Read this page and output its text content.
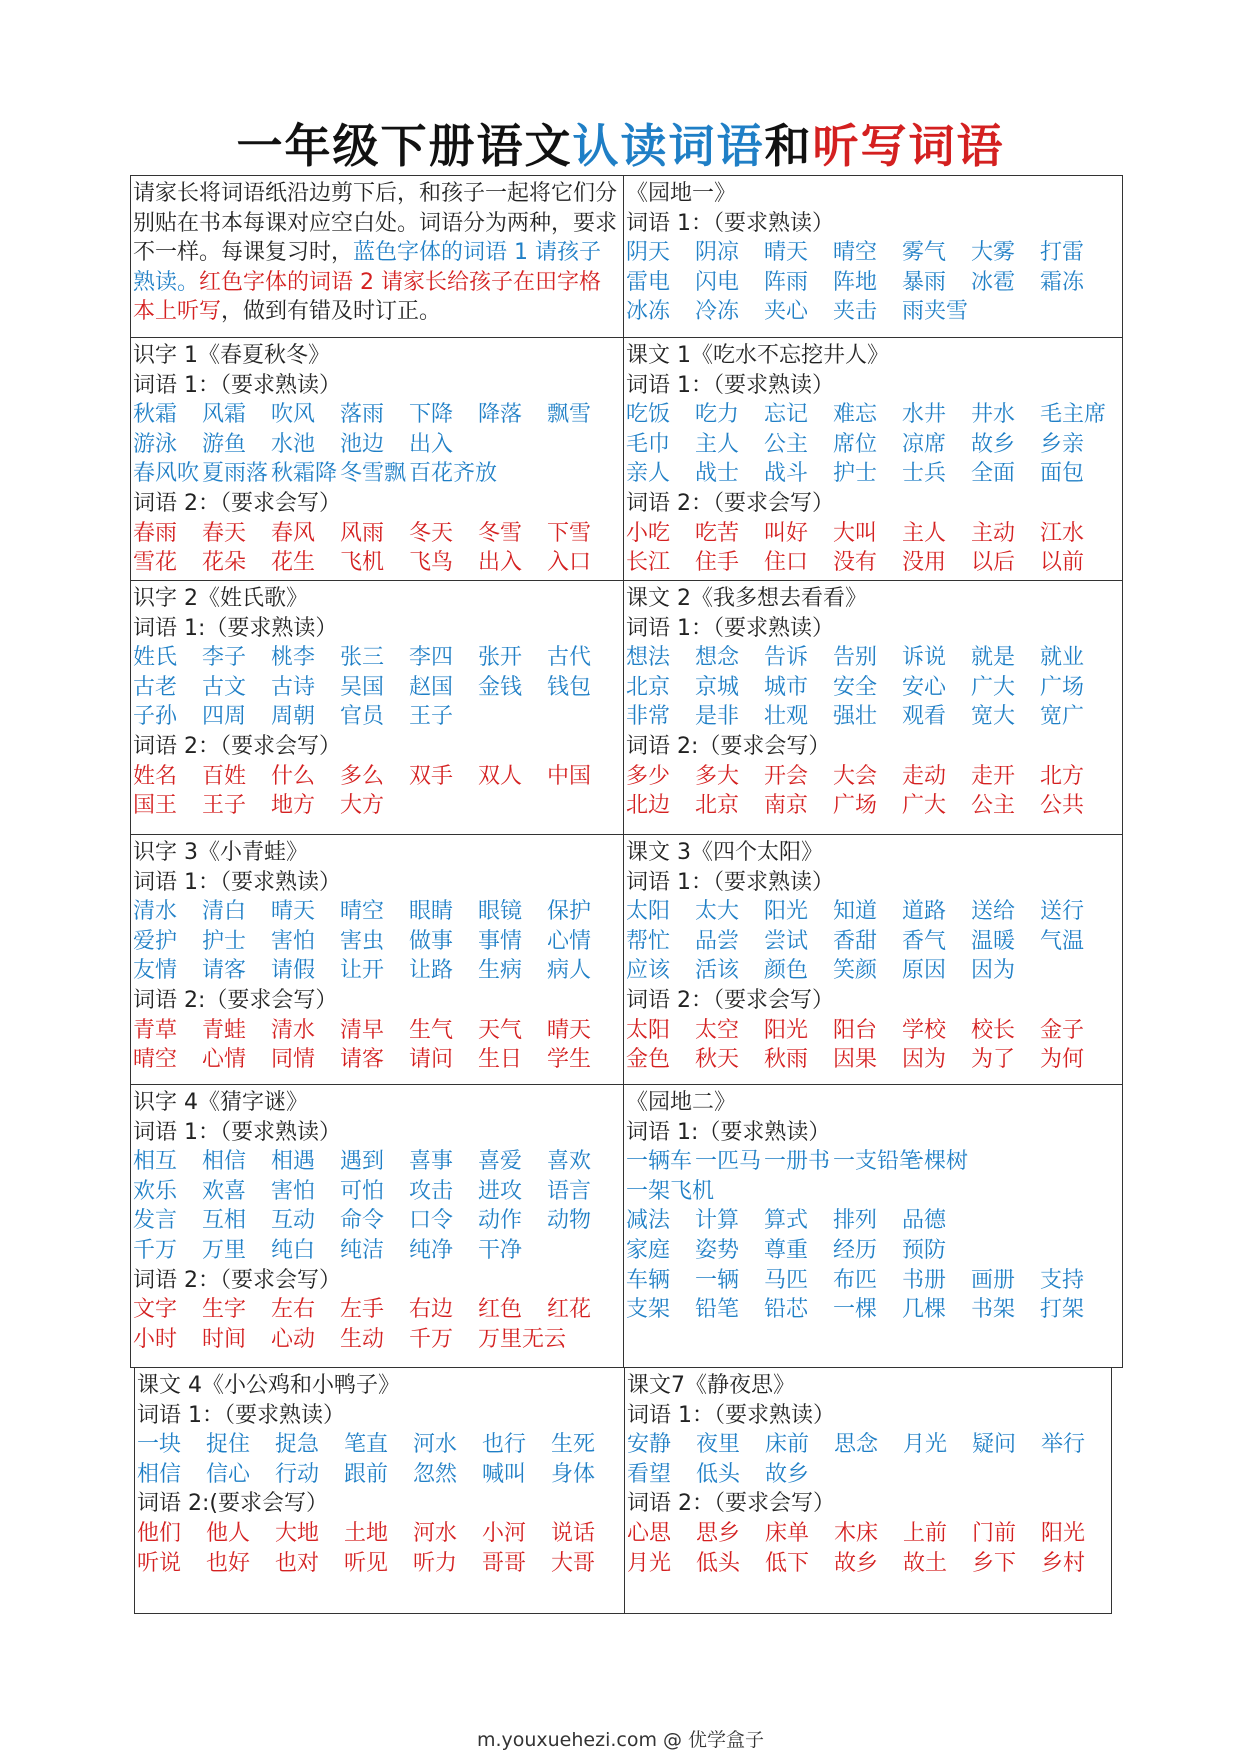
一年级下册语文认读词语和听写词语
请家长将词语纸沿边剪下后，和孩子一起将它们分别贴在书本每课对应空白处。词语分为两种，要求不一样。每课复习时，蓝色字体的词语 1 请孩子熟读。红色字体的词语 2 请家长给孩子在田字格本上听写，做到有错及时订正。
《园地一》
词语 1：（要求熟读）
阴天 阴凉 晴天 晴空 雾气 大雾 打雷
雷电 闪电 阵雨 阵地 暴雨 冰雹 霜冻
冰冻 冷冻 夹心 夹击 雨夹雪
识字 1《春夏秋冬》
词语 1：（要求熟读）
秋霜 风霜 吹风 落雨 下降 降落 飘雪
游泳 游鱼 水池 池边 出入
春风吹 夏雨落 秋霜降 冬雪飘 百花齐放
词语 2：（要求会写）
春雨 春天 春风 风雨 冬天 冬雪 下雪
雪花 花朵 花生 飞机 飞鸟 出入 入口
课文 1《吃水不忘挖井人》
词语 1：（要求熟读）
吃饭 吃力 忘记 难忘 水井 井水 毛主席
毛巾 主人 公主 席位 凉席 故乡 乡亲
亲人 战士 战斗 护士 士兵 全面 面包
词语 2：（要求会写）
小吃 吃苦 叫好 大叫 主人 主动 江水
长江 住手 住口 没有 没用 以后 以前
识字 2《姓氏歌》
词语 1:（要求熟读）
姓氏 李子 桃李 张三 李四 张开 古代
古老 古文 古诗 吴国 赵国 金钱 钱包
子孙 四周 周朝 官员 王子
词语 2：（要求会写）
姓名 百姓 什么 多么 双手 双人 中国
国王 王子 地方 大方
课文 2《我多想去看看》
词语 1：（要求熟读）
想法 想念 告诉 告别 诉说 就是 就业
北京 京城 城市 安全 安心 广大 广场
非常 是非 壮观 强壮 观看 宽大 宽广
词语 2:（要求会写）
多少 多大 开会 大会 走动 走开 北方
北边 北京 南京 广场 广大 公主 公共
识字 3《小青蛙》
词语 1：（要求熟读）
清水 清白 晴天 晴空 眼睛 眼镜 保护
爱护 护士 害怕 害虫 做事 事情 心情
友情 请客 请假 让开 让路 生病 病人
词语 2:（要求会写）
青草 青蛙 清水 清早 生气 天气 晴天
晴空 心情 同情 请客 请问 生日 学生
课文 3《四个太阳》
词语 1：（要求熟读）
太阳 太大 阳光 知道 道路 送给 送行
帮忙 品尝 尝试 香甜 香气 温暖 气温
应该 活该 颜色 笑颜 原因 因为
词语 2：（要求会写）
太阳 太空 阳光 阳台 学校 校长 金子
金色 秋天 秋雨 因果 因为 为了 为何
识字 4《猜字谜》
词语 1：（要求熟读）
相互 相信 相遇 遇到 喜事 喜爱 喜欢
欢乐 欢喜 害怕 可怕 攻击 进攻 语言
发言 互相 互动 命令 口令 动作 动物
千万 万里 纯白 纯洁 纯净 干净
词语 2：（要求会写）
文字 生字 左右 左手 右边 红色 红花
小时 时间 心动 生动 千万 万里无云
《园地二》
词语 1:（要求熟读）
一辆车 一匹马 一册书 一支铅笔一棵树
一架飞机
减法 计算 算式 排列 品德
家庭 姿势 尊重 经历 预防
车辆 一辆 马匹 布匹 书册 画册 支持
支架 铅笔 铅芯 一棵 几棵 书架 打架
课文 4《小公鸡和小鸭子》
词语 1：（要求熟读）
一块 捉住 捉急 笔直 河水 也行 生死
相信 信心 行动 跟前 忽然 喊叫 身体
词语 2:(要求会写）
他们 他人 大地 土地 河水 小河 说话
听说 也好 也对 听见 听力 哥哥 大哥
课文7《静夜思》
词语 1：（要求熟读）
安静 夜里 床前 思念 月光 疑问 举行
看望 低头 故乡
词语 2：（要求会写）
心思 思乡 床单 木床 上前 门前 阳光
月光 低头 低下 故乡 故土 乡下 乡村
m.youxuehezi.com @ 优学盒子
